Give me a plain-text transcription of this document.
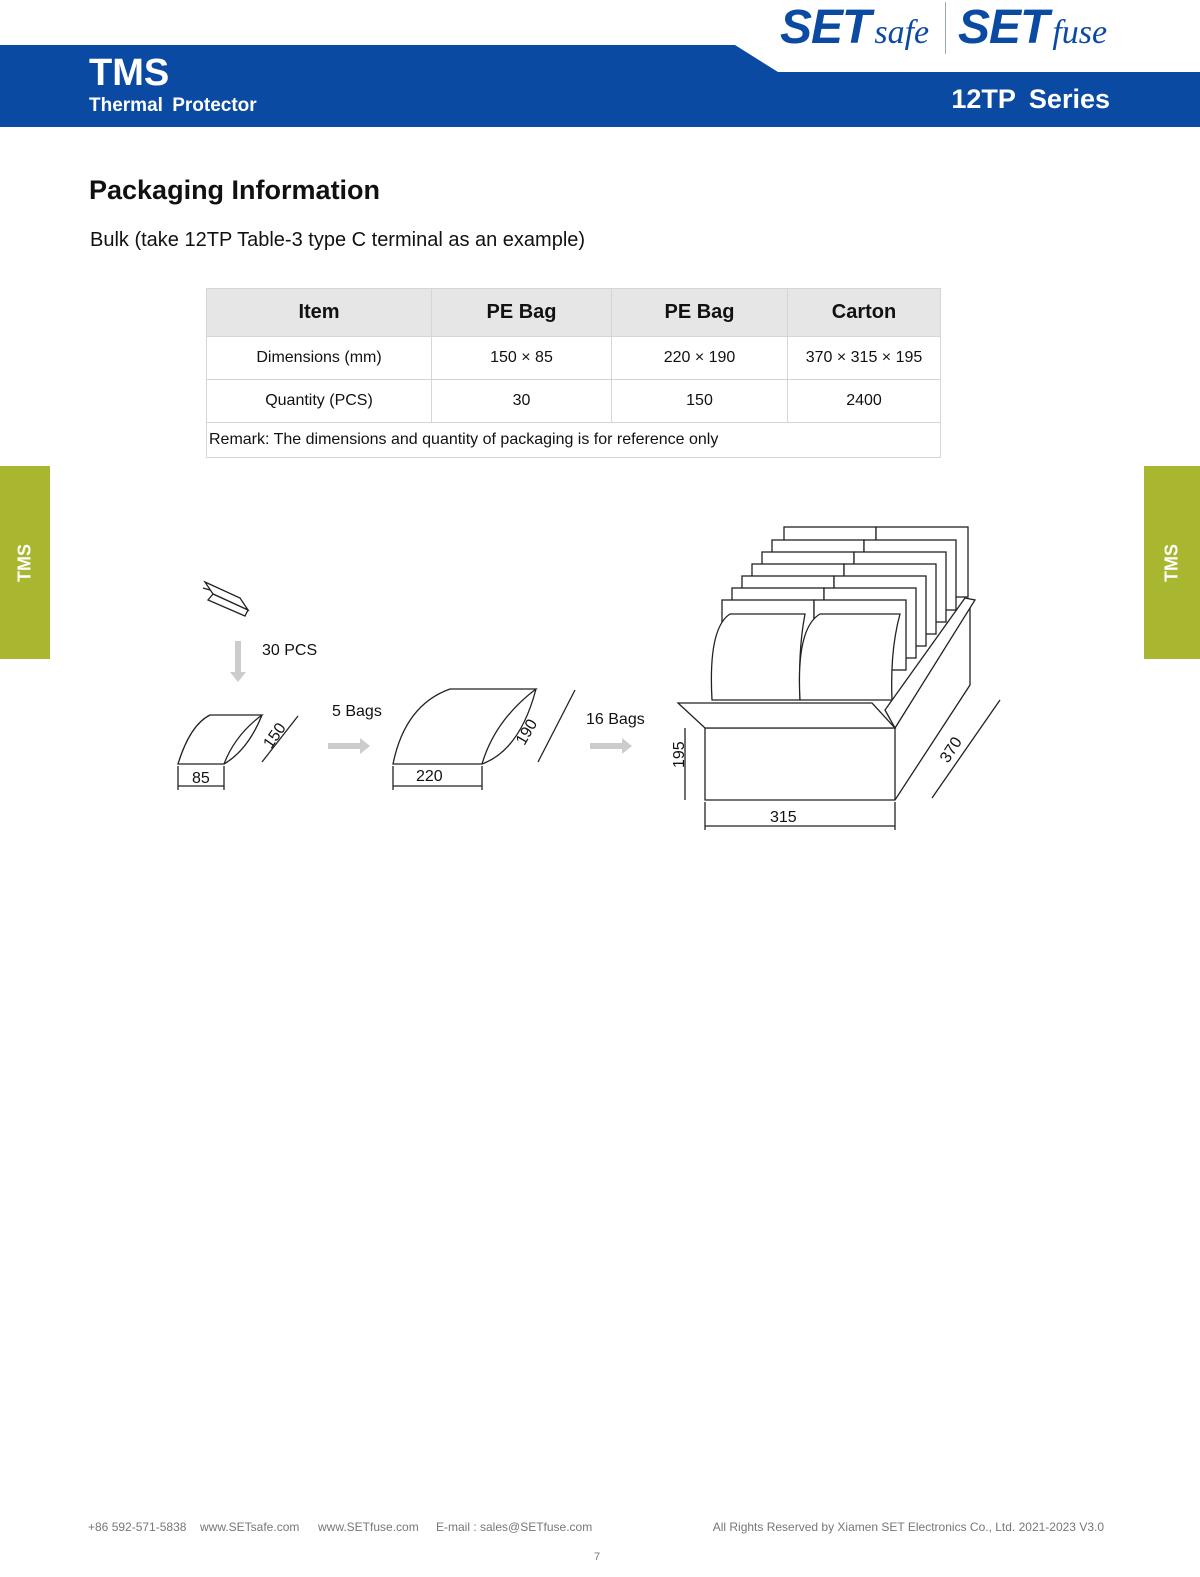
TMS
Thermal Protector	12TP Series
SET safe SET fuse
Packaging Information
Bulk (take 12TP Table-3 type C terminal as an example)
Item	PE Bag	PE Bag	Carton
Dimensions (mm)	150 × 85	220 × 190	370 × 315 × 195
Quantity (PCS)	30	150	2400
Remark: The dimensions and quantity of packaging is for reference only			
TMS	TMS
30 PCS
85
150
5 Bags
220
190	16 Bags
195
315
370
+86 592-571-5838 www.SETsafe.com www.SETfuse.com E-mail : sales@SETfuse.com	All Rights Reserved by Xiamen SET Electronics Co., Ltd. 2021-2023 V3.0
7
